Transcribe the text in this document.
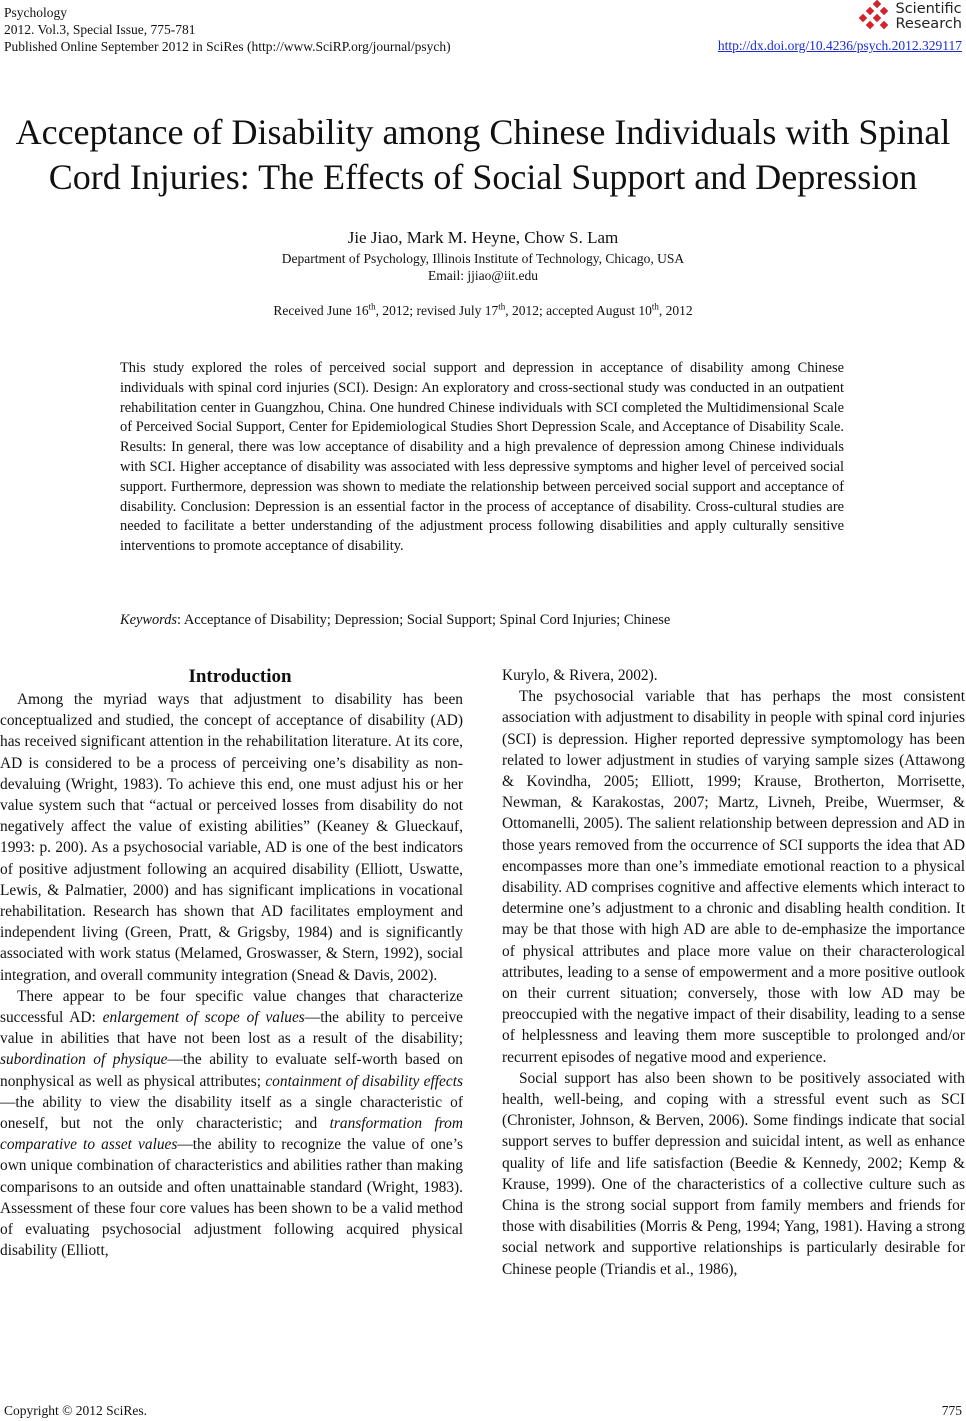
Psychology
2012. Vol.3, Special Issue, 775-781
Published Online September 2012 in SciRes (http://www.SciRP.org/journal/psych)
Scientific
Research
http://dx.doi.org/10.4236/psych.2012.329117
Acceptance of Disability among Chinese Individuals with Spinal
Cord Injuries: The Effects of Social Support and Depression
Jie Jiao, Mark M. Heyne, Chow S. Lam
Department of Psychology, Illinois Institute of Technology, Chicago, USA
Email: jjiao@iit.edu
Received June 16th, 2012; revised July 17th, 2012; accepted August 10th, 2012

This study explored the roles of perceived social support and depression in acceptance of disability among Chinese individuals with spinal cord injuries (SCI). Design: An exploratory and cross-sectional study was conducted in an outpatient rehabilitation center in Guangzhou, China. One hundred Chinese individuals with SCI completed the Multidimensional Scale of Perceived Social Support, Center for Epidemiological Studies Short Depression Scale, and Acceptance of Disability Scale. Results: In general, there was low acceptance of disability and a high prevalence of depression among Chinese individuals with SCI. Higher acceptance of disability was associated with less depressive symptoms and higher level of perceived social support. Furthermore, depression was shown to mediate the relationship between perceived social support and acceptance of disability. Conclusion: Depression is an essential factor in the process of acceptance of disability. Cross-cultural studies are needed to facilitate a better understanding of the adjustment process following disabilities and apply culturally sensitive interventions to promote acceptance of disability.

Keywords: Acceptance of Disability; Depression; Social Support; Spinal Cord Injuries; Chinese

Introduction

Among the myriad ways that adjustment to disability has been conceptualized and studied, the concept of acceptance of disability (AD) has received significant attention in the rehabilitation literature. At its core, AD is considered to be a process of perceiving one’s disability as non-devaluing (Wright, 1983). To achieve this end, one must adjust his or her value system such that “actual or perceived losses from disability do not negatively affect the value of existing abilities” (Keaney & Glueckauf, 1993: p. 200). As a psychosocial variable, AD is one of the best indicators of positive adjustment following an acquired disability (Elliott, Uswatte, Lewis, & Palmatier, 2000) and has significant implications in vocational rehabilitation. Research has shown that AD facilitates employment and independent living (Green, Pratt, & Grigsby, 1984) and is significantly associated with work status (Melamed, Groswasser, & Stern, 1992), social integration, and overall community integration (Snead & Davis, 2002).

There appear to be four specific value changes that characterize successful AD: enlargement of scope of values—the ability to perceive value in abilities that have not been lost as a result of the disability; subordination of physique—the ability to evaluate self-worth based on nonphysical as well as physical attributes; containment of disability effects—the ability to view the disability itself as a single characteristic of oneself, but not the only characteristic; and transformation from comparative to asset values—the ability to recognize the value of one’s own unique combination of characteristics and abilities rather than making comparisons to an outside and often unattainable standard (Wright, 1983). Assessment of these four core values has been shown to be a valid method of evaluating psychosocial adjustment following acquired physical disability (Elliott,

Kurylo, & Rivera, 2002).

The psychosocial variable that has perhaps the most consistent association with adjustment to disability in people with spinal cord injuries (SCI) is depression. Higher reported depressive symptomology has been related to lower adjustment in studies of varying sample sizes (Attawong & Kovindha, 2005; Elliott, 1999; Krause, Brotherton, Morrisette, Newman, & Karakostas, 2007; Martz, Livneh, Preibe, Wuermser, & Ottomanelli, 2005). The salient relationship between depression and AD in those years removed from the occurrence of SCI supports the idea that AD encompasses more than one’s immediate emotional reaction to a physical disability. AD comprises cognitive and affective elements which interact to determine one’s adjustment to a chronic and disabling health condition. It may be that those with high AD are able to de-emphasize the importance of physical attributes and place more value on their characterological attributes, leading to a sense of empowerment and a more positive outlook on their current situation; conversely, those with low AD may be preoccupied with the negative impact of their disability, leading to a sense of helplessness and leaving them more susceptible to prolonged and/or recurrent episodes of negative mood and experience.

Social support has also been shown to be positively associated with health, well-being, and coping with a stressful event such as SCI (Chronister, Johnson, & Berven, 2006). Some findings indicate that social support serves to buffer depression and suicidal intent, as well as enhance quality of life and life satisfaction (Beedie & Kennedy, 2002; Kemp & Krause, 1999). One of the characteristics of a collective culture such as China is the strong social support from family members and friends for those with disabilities (Morris & Peng, 1994; Yang, 1981). Having a strong social network and supportive relationships is particularly desirable for Chinese people (Triandis et al., 1986),

Copyright © 2012 SciRes.	775
